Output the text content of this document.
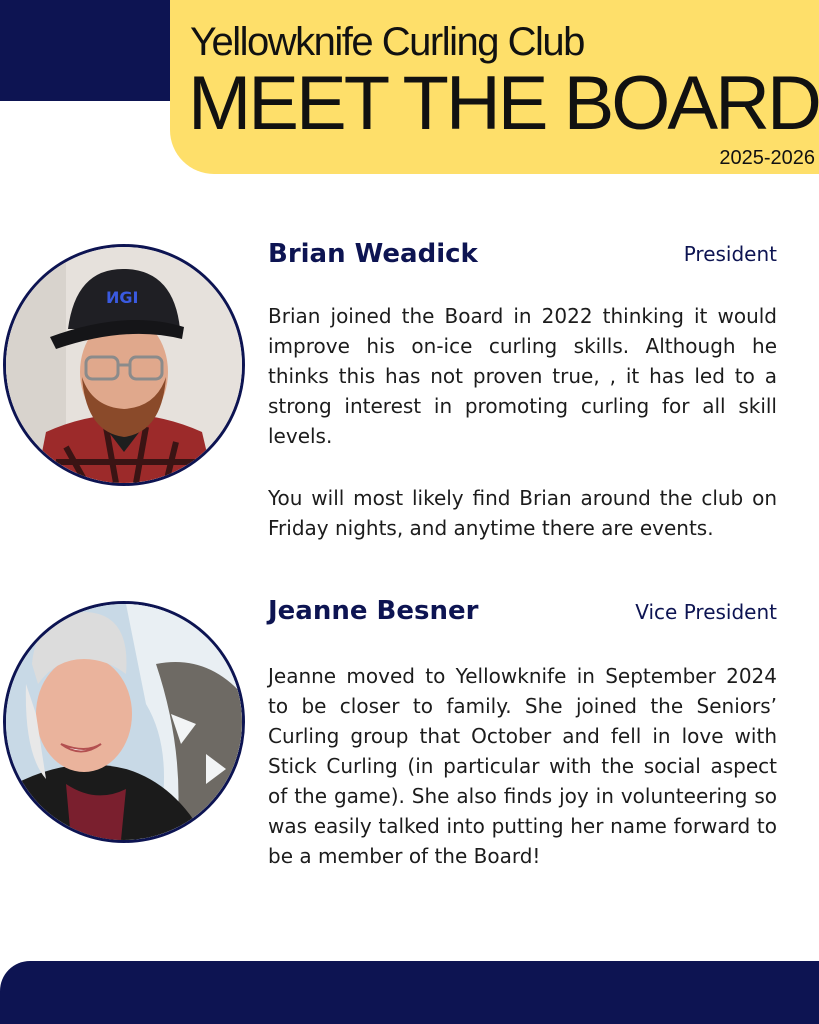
Yellowknife Curling Club
MEET THE BOARD
2025-2026
ИGI
Brian Weadick	President

Brian joined the Board in 2022 thinking it would improve his on-ice curling skills. Although he thinks this has not proven true, , it has led to a strong interest in promoting curling for all skill levels.

You will most likely find Brian around the club on Friday nights, and anytime there are events.

Jeanne Besner	Vice President

Jeanne moved to Yellowknife in September 2024 to be closer to family. She joined the Seniors’ Curling group that October and fell in love with Stick Curling (in particular with the social aspect of the game). She also finds joy in volunteering so was easily talked into putting her name forward to be a member of the Board!
